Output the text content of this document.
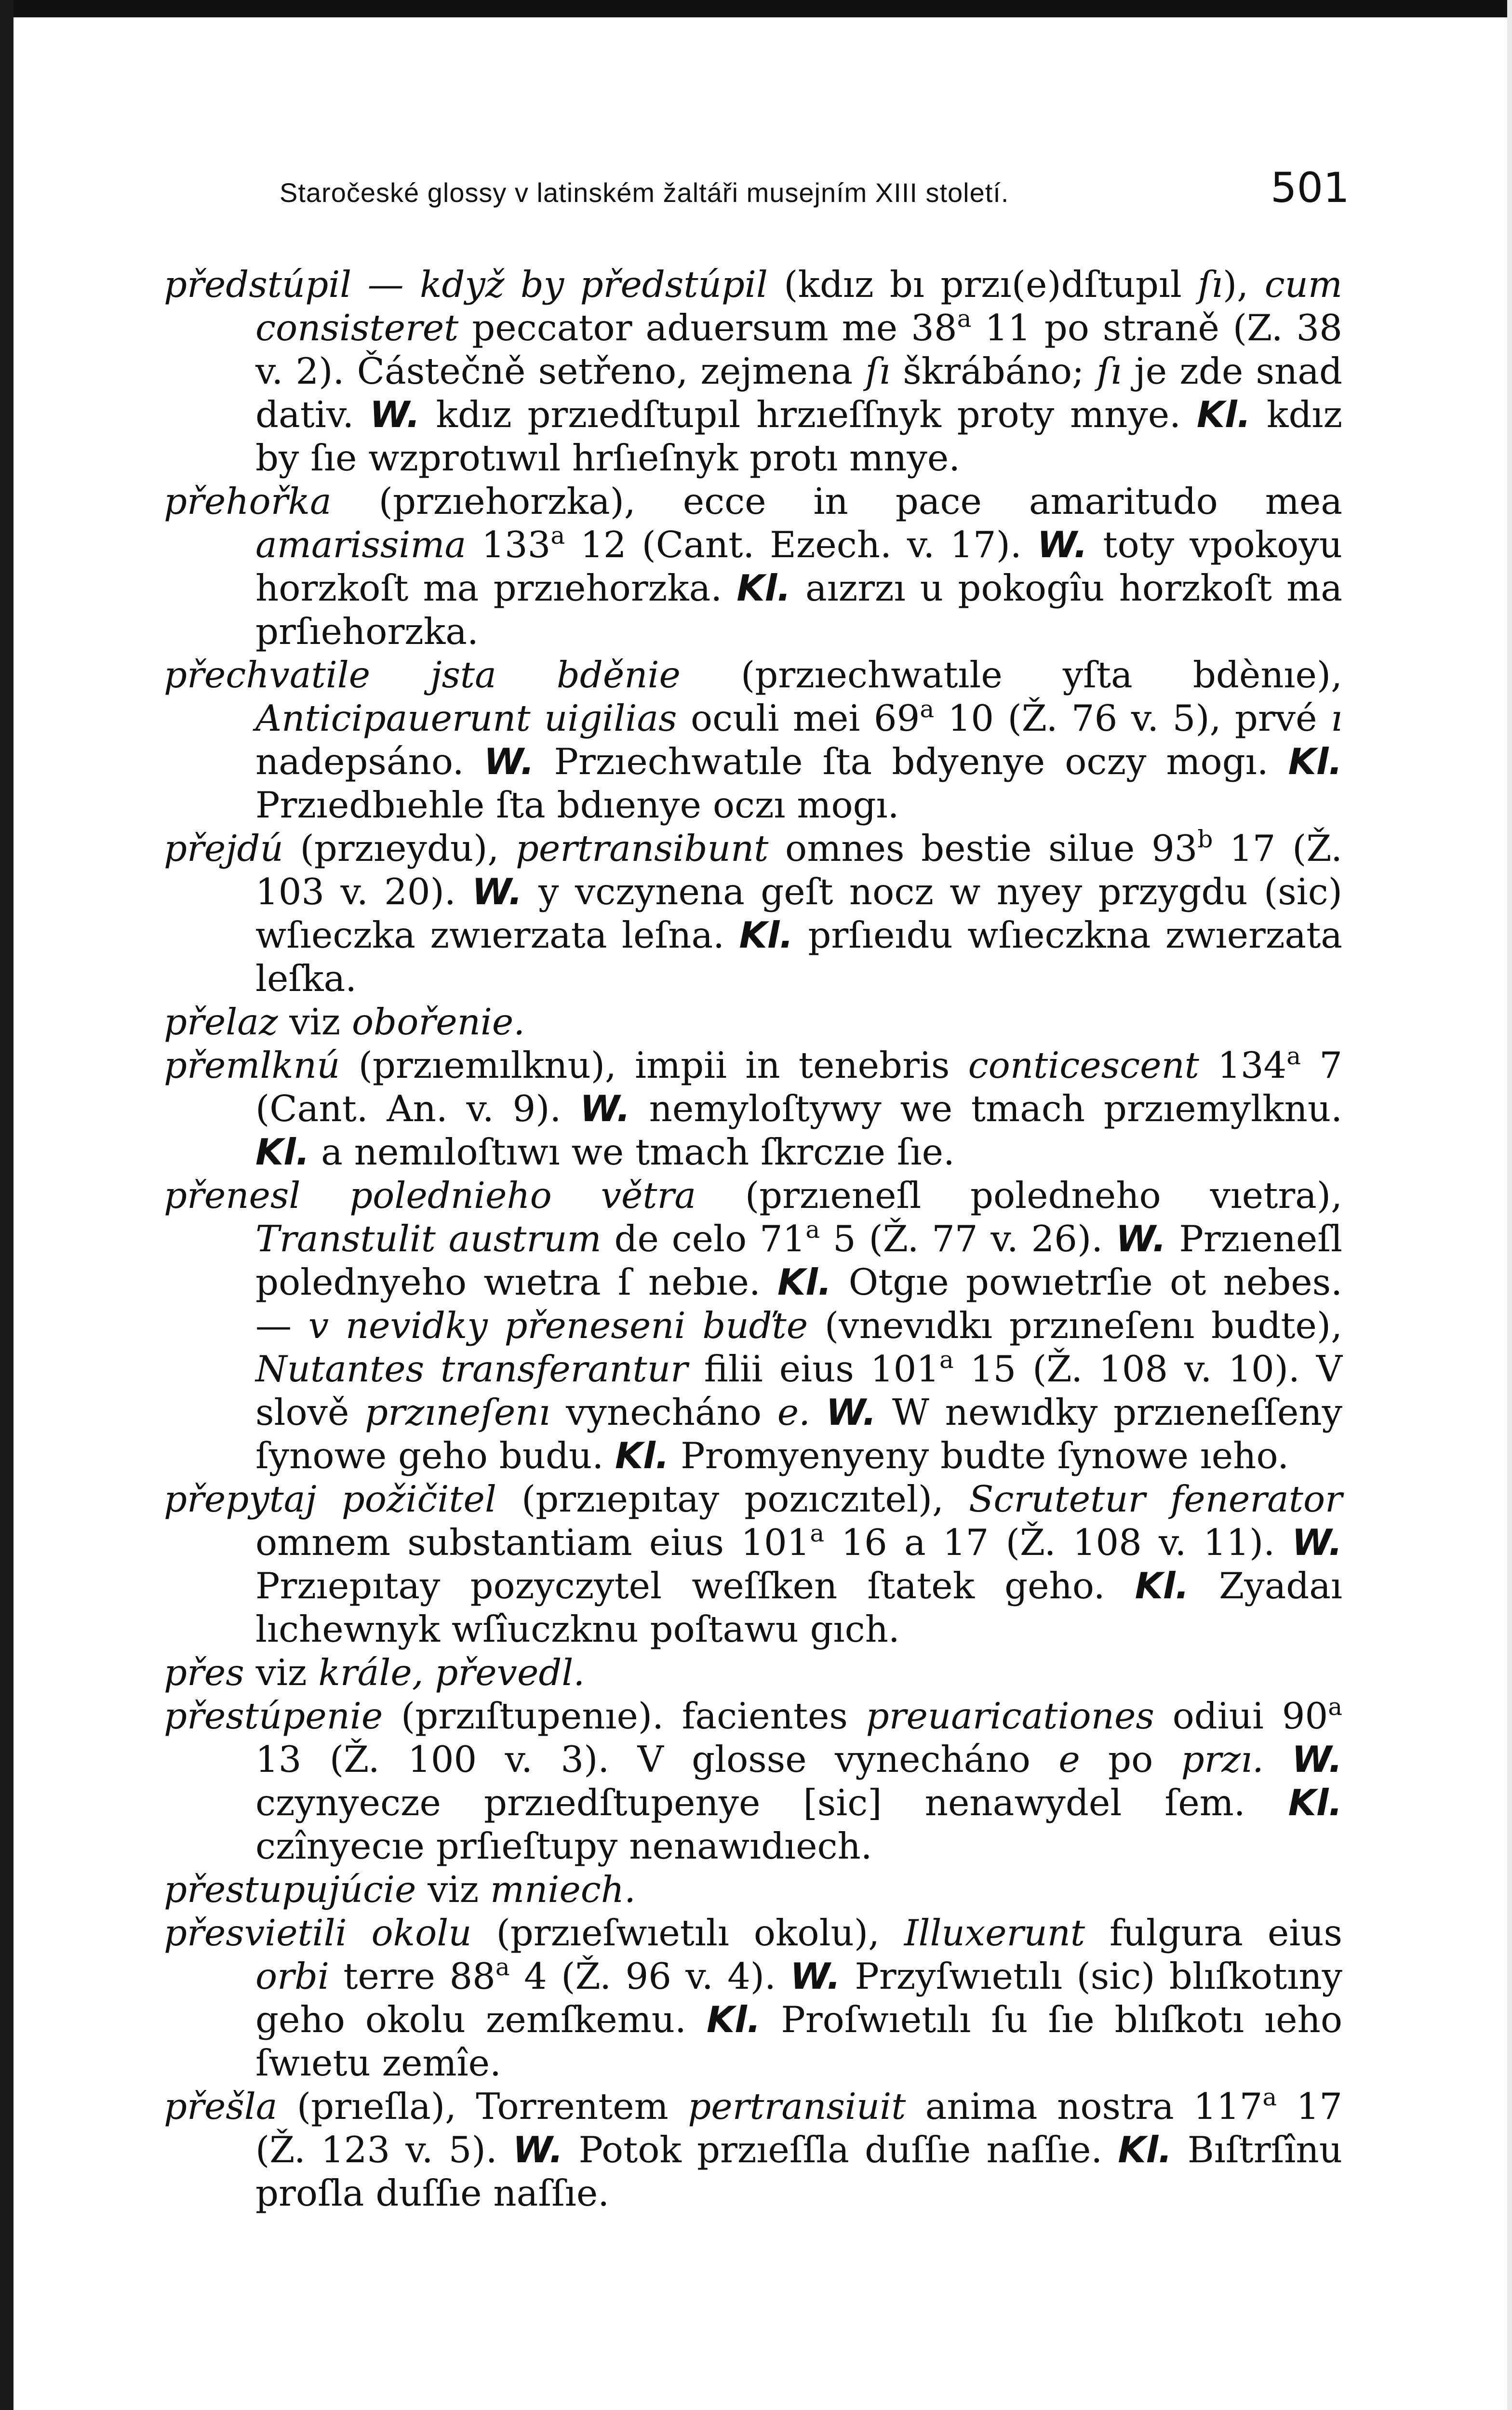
Staročeské glossy v latinském žaltáři musejním XIII století.	501

předstúpil — když by předstúpil (kdız bı przı(e)dſtupıl ſı), cum consisteret peccator aduersum me 38$^a$ 11 po straně (Z. 38 v. 2). Částečně setřeno, zejmena ſı škrábáno; ſı je zde snad dativ. W. kdız przıedſtupıl hrzıeſſnyk proty mnye. Kl. kdız by ſıe wzprotıwıl hrſıeſnyk protı mnye.

přehořka (przıehorzka), ecce in pace amaritudo mea amarissima 133$^a$ 12 (Cant. Ezech. v. 17). W. toty vpokoyu horzkoſt ma przıehorzka. Kl. aızrzı u pokogîu horzkoſt ma prſıehorzka.

přechvatile jsta bděnie (przıechwatıle yſta bdènıe), Anticipauerunt uigilias oculi mei 69$^a$ 10 (Ž. 76 v. 5), prvé ı nadepsáno. W. Przıechwatıle ſta bdyenye oczy mogı. Kl. Przıedbıehle ſta bdıenye oczı mogı.

přejdú (przıeydu), pertransibunt omnes bestie silue 93$^b$ 17 (Ž. 103 v. 20). W. y vczynena geſt nocz w nyey przygdu (sic) wſıeczka zwıerzata leſna. Kl. prſıeıdu wſıeczkna zwıerzata leſka.

přelaz viz obořenie.

přemlknú (przıemılknu), impii in tenebris conticescent 134$^a$ 7 (Cant. An. v. 9). W. nemyloſtywy we tmach przıemylknu. Kl. a nemıloſtıwı we tmach ſkrczıe ſıe.

přenesl polednieho větra (przıeneſl poledneho vıetra), Transtulit austrum de celo 71$^a$ 5 (Ž. 77 v. 26). W. Przıeneſl polednyeho wıetra ſ nebıe. Kl. Otgıe powıetrſıe ot nebes. — v nevidky přeneseni buďte (vnevıdkı przıneſenı budte), Nutantes transferantur filii eius 101$^a$ 15 (Ž. 108 v. 10). V slově przıneſenı vynecháno e. W. W newıdky przıeneſſeny ſynowe geho budu. Kl. Promyenyeny budte ſynowe ıeho.

přepytaj požičitel (przıepıtay pozıczıtel), Scrutetur fenerator omnem substantiam eius 101$^a$ 16 a 17 (Ž. 108 v. 11). W. Przıepıtay pozyczytel weſſken ſtatek geho. Kl. Zyadaı lıchewnyk wſîuczknu poſtawu gıch.

přes viz krále, převedl.

přestúpenie (przıſtupenıe). facientes preuaricationes odiui 90$^a$ 13 (Ž. 100 v. 3). V glosse vynecháno e po przı. W. czynyecze przıedſtupenye [sic] nenawydel ſem. Kl. czînyecıe prſıeſtupy nenawıdıech.

přestupujúcie viz mniech.

přesvietili okolu (przıeſwıetılı okolu), Illuxerunt fulgura eius orbi terre 88$^a$ 4 (Ž. 96 v. 4). W. Przyſwıetılı (sic) blıſkotıny geho okolu zemſkemu. Kl. Proſwıetılı ſu ſıe blıſkotı ıeho ſwıetu zemîe.

přešla (prıeſla), Torrentem pertransiuit anima nostra 117$^a$ 17 (Ž. 123 v. 5). W. Potok przıeſſla duſſıe naſſıe. Kl. Bıſtrſînu proſla duſſıe naſſıe.
